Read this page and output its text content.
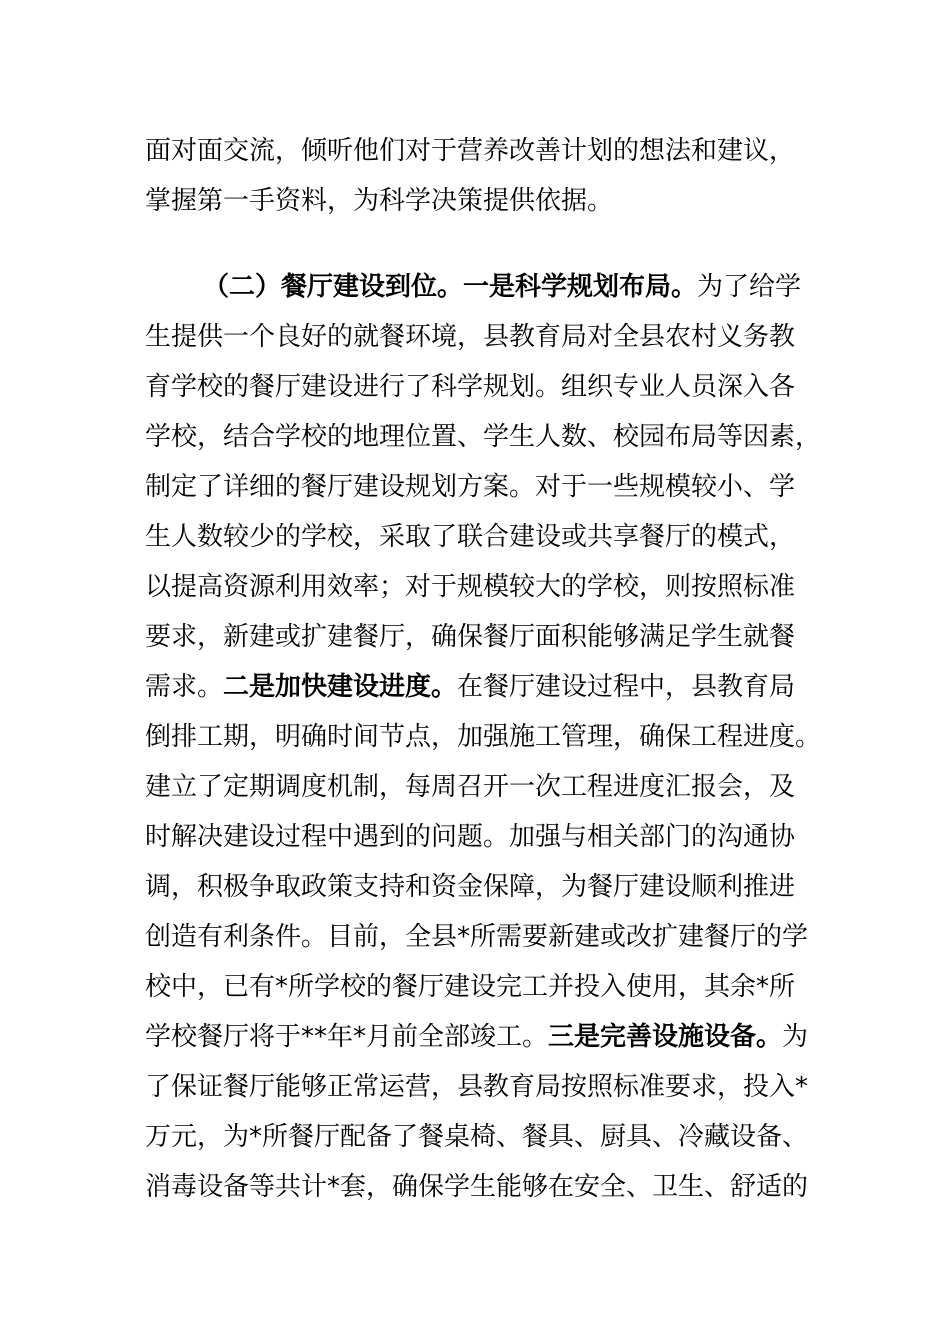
面对面交流，倾听他们对于营养改善计划的想法和建议，
掌握第一手资料，为科学决策提供依据。
（二）餐厅建设到位。一是科学规划布局。为了给学
生提供一个良好的就餐环境，县教育局对全县农村义务教
育学校的餐厅建设进行了科学规划。组织专业人员深入各
学校，结合学校的地理位置、学生人数、校园布局等因素，
制定了详细的餐厅建设规划方案。对于一些规模较小、学
生人数较少的学校，采取了联合建设或共享餐厅的模式，
以提高资源利用效率；对于规模较大的学校，则按照标准
要求，新建或扩建餐厅，确保餐厅面积能够满足学生就餐
需求。二是加快建设进度。在餐厅建设过程中，县教育局
倒排工期，明确时间节点，加强施工管理，确保工程进度。
建立了定期调度机制，每周召开一次工程进度汇报会，及
时解决建设过程中遇到的问题。加强与相关部门的沟通协
调，积极争取政策支持和资金保障，为餐厅建设顺利推进
创造有利条件。目前，全县*所需要新建或改扩建餐厅的学
校中，已有*所学校的餐厅建设完工并投入使用，其余*所
学校餐厅将于**年*月前全部竣工。三是完善设施设备。为
了保证餐厅能够正常运营，县教育局按照标准要求，投入*
万元，为*所餐厅配备了餐桌椅、餐具、厨具、冷藏设备、
消毒设备等共计*套，确保学生能够在安全、卫生、舒适的
